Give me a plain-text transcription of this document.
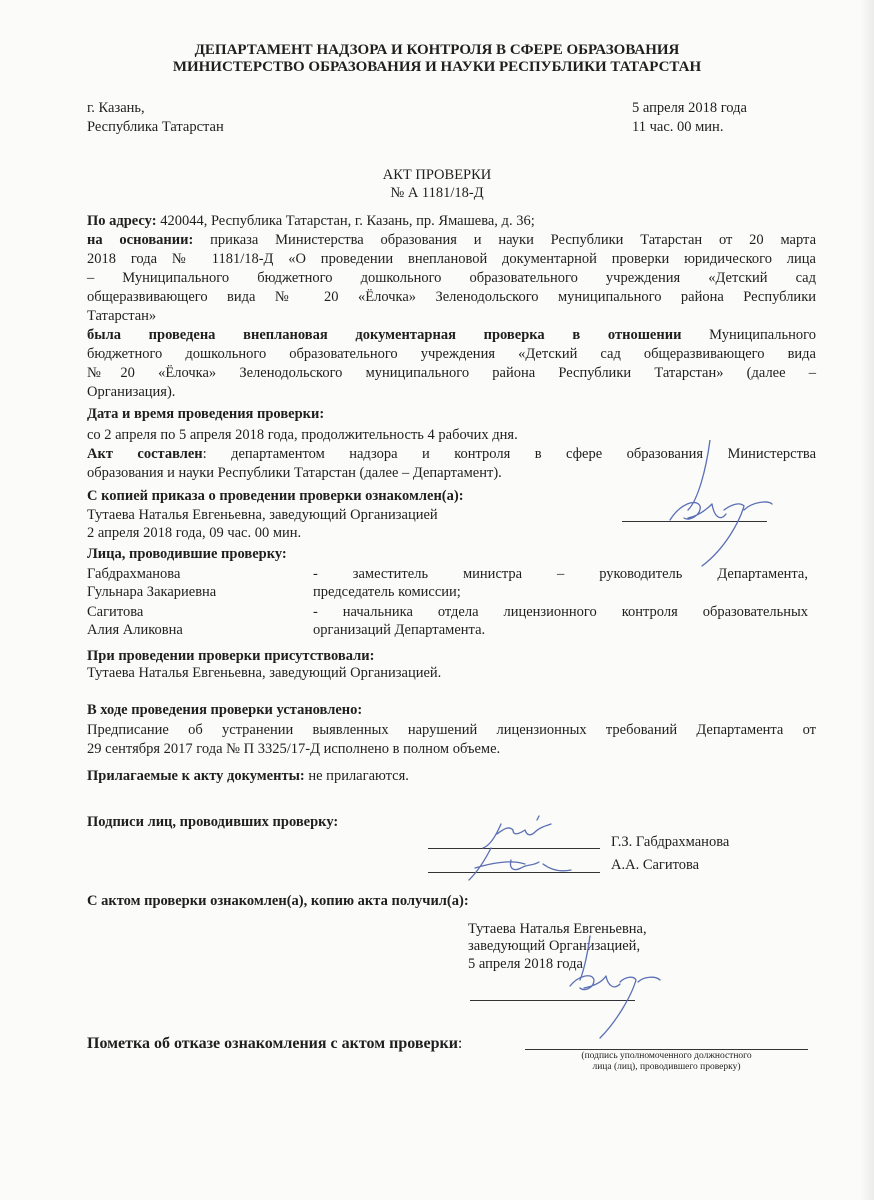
ДЕПАРТАМЕНТ НАДЗОРА И КОНТРОЛЯ В СФЕРЕ ОБРАЗОВАНИЯ
МИНИСТЕРСТВО ОБРАЗОВАНИЯ И НАУКИ РЕСПУБЛИКИ ТАТАРСТАН
г. Казань,
Республика Татарстан
5 апреля 2018 года
11 час. 00 мин.
АКТ ПРОВЕРКИ
№ А 1181/18-Д
По адресу: 420044, Республика Татарстан, г. Казань, пр. Ямашева, д. 36;
на основании: приказа Министерства образования и науки Республики Татарстан от 20 марта
2018 года № 1181/18-Д «О проведении внеплановой документарной проверки юридического лица
– Муниципального бюджетного дошкольного образовательного учреждения «Детский сад
общеразвивающего вида № 20 «Ёлочка» Зеленодольского муниципального района Республики
Татарстан»
была проведена внеплановая документарная проверка в отношении Муниципального
бюджетного дошкольного образовательного учреждения «Детский сад общеразвивающего вида
№20 «Ёлочка» Зеленодольского муниципального района Республики Татарстан» (далее –
Организация).
Дата и время проведения проверки:
со 2 апреля по 5 апреля 2018 года, продолжительность 4 рабочих дня.
Акт составлен: департаментом надзора и контроля в сфере образования Министерства
образования и науки Республики Татарстан (далее – Департамент).
С копией приказа о проведении проверки ознакомлен(а):
Тутаева Наталья Евгеньевна, заведующий Организацией
2 апреля 2018 года, 09 час. 00 мин.
Лица, проводившие проверку:
Габдрахманова
Гульнара Закариевна
- заместитель министра – руководитель Департамента,
председатель комиссии;
Сагитова
Алия Аликовна
- начальника отдела лицензионного контроля образовательных
организаций Департамента.
При проведении проверки присутствовали:
Тутаева Наталья Евгеньевна, заведующий Организацией.
В ходе проведения проверки установлено:
Предписание об устранении выявленных нарушений лицензионных требований Департамента от
29 сентября 2017 года № П 3325/17-Д исполнено в полном объеме.
Прилагаемые к акту документы: не прилагаются.
Подписи лиц, проводивших проверку:
Г.З. Габдрахманова
А.А. Сагитова
С актом проверки ознакомлен(а), копию акта получил(а):
Тутаева Наталья Евгеньевна,
заведующий Организацией,
5 апреля 2018 года
Пометка об отказе ознакомления с актом проверки:
(подпись уполномоченного должностного
лица (лиц), проводившего проверку)
